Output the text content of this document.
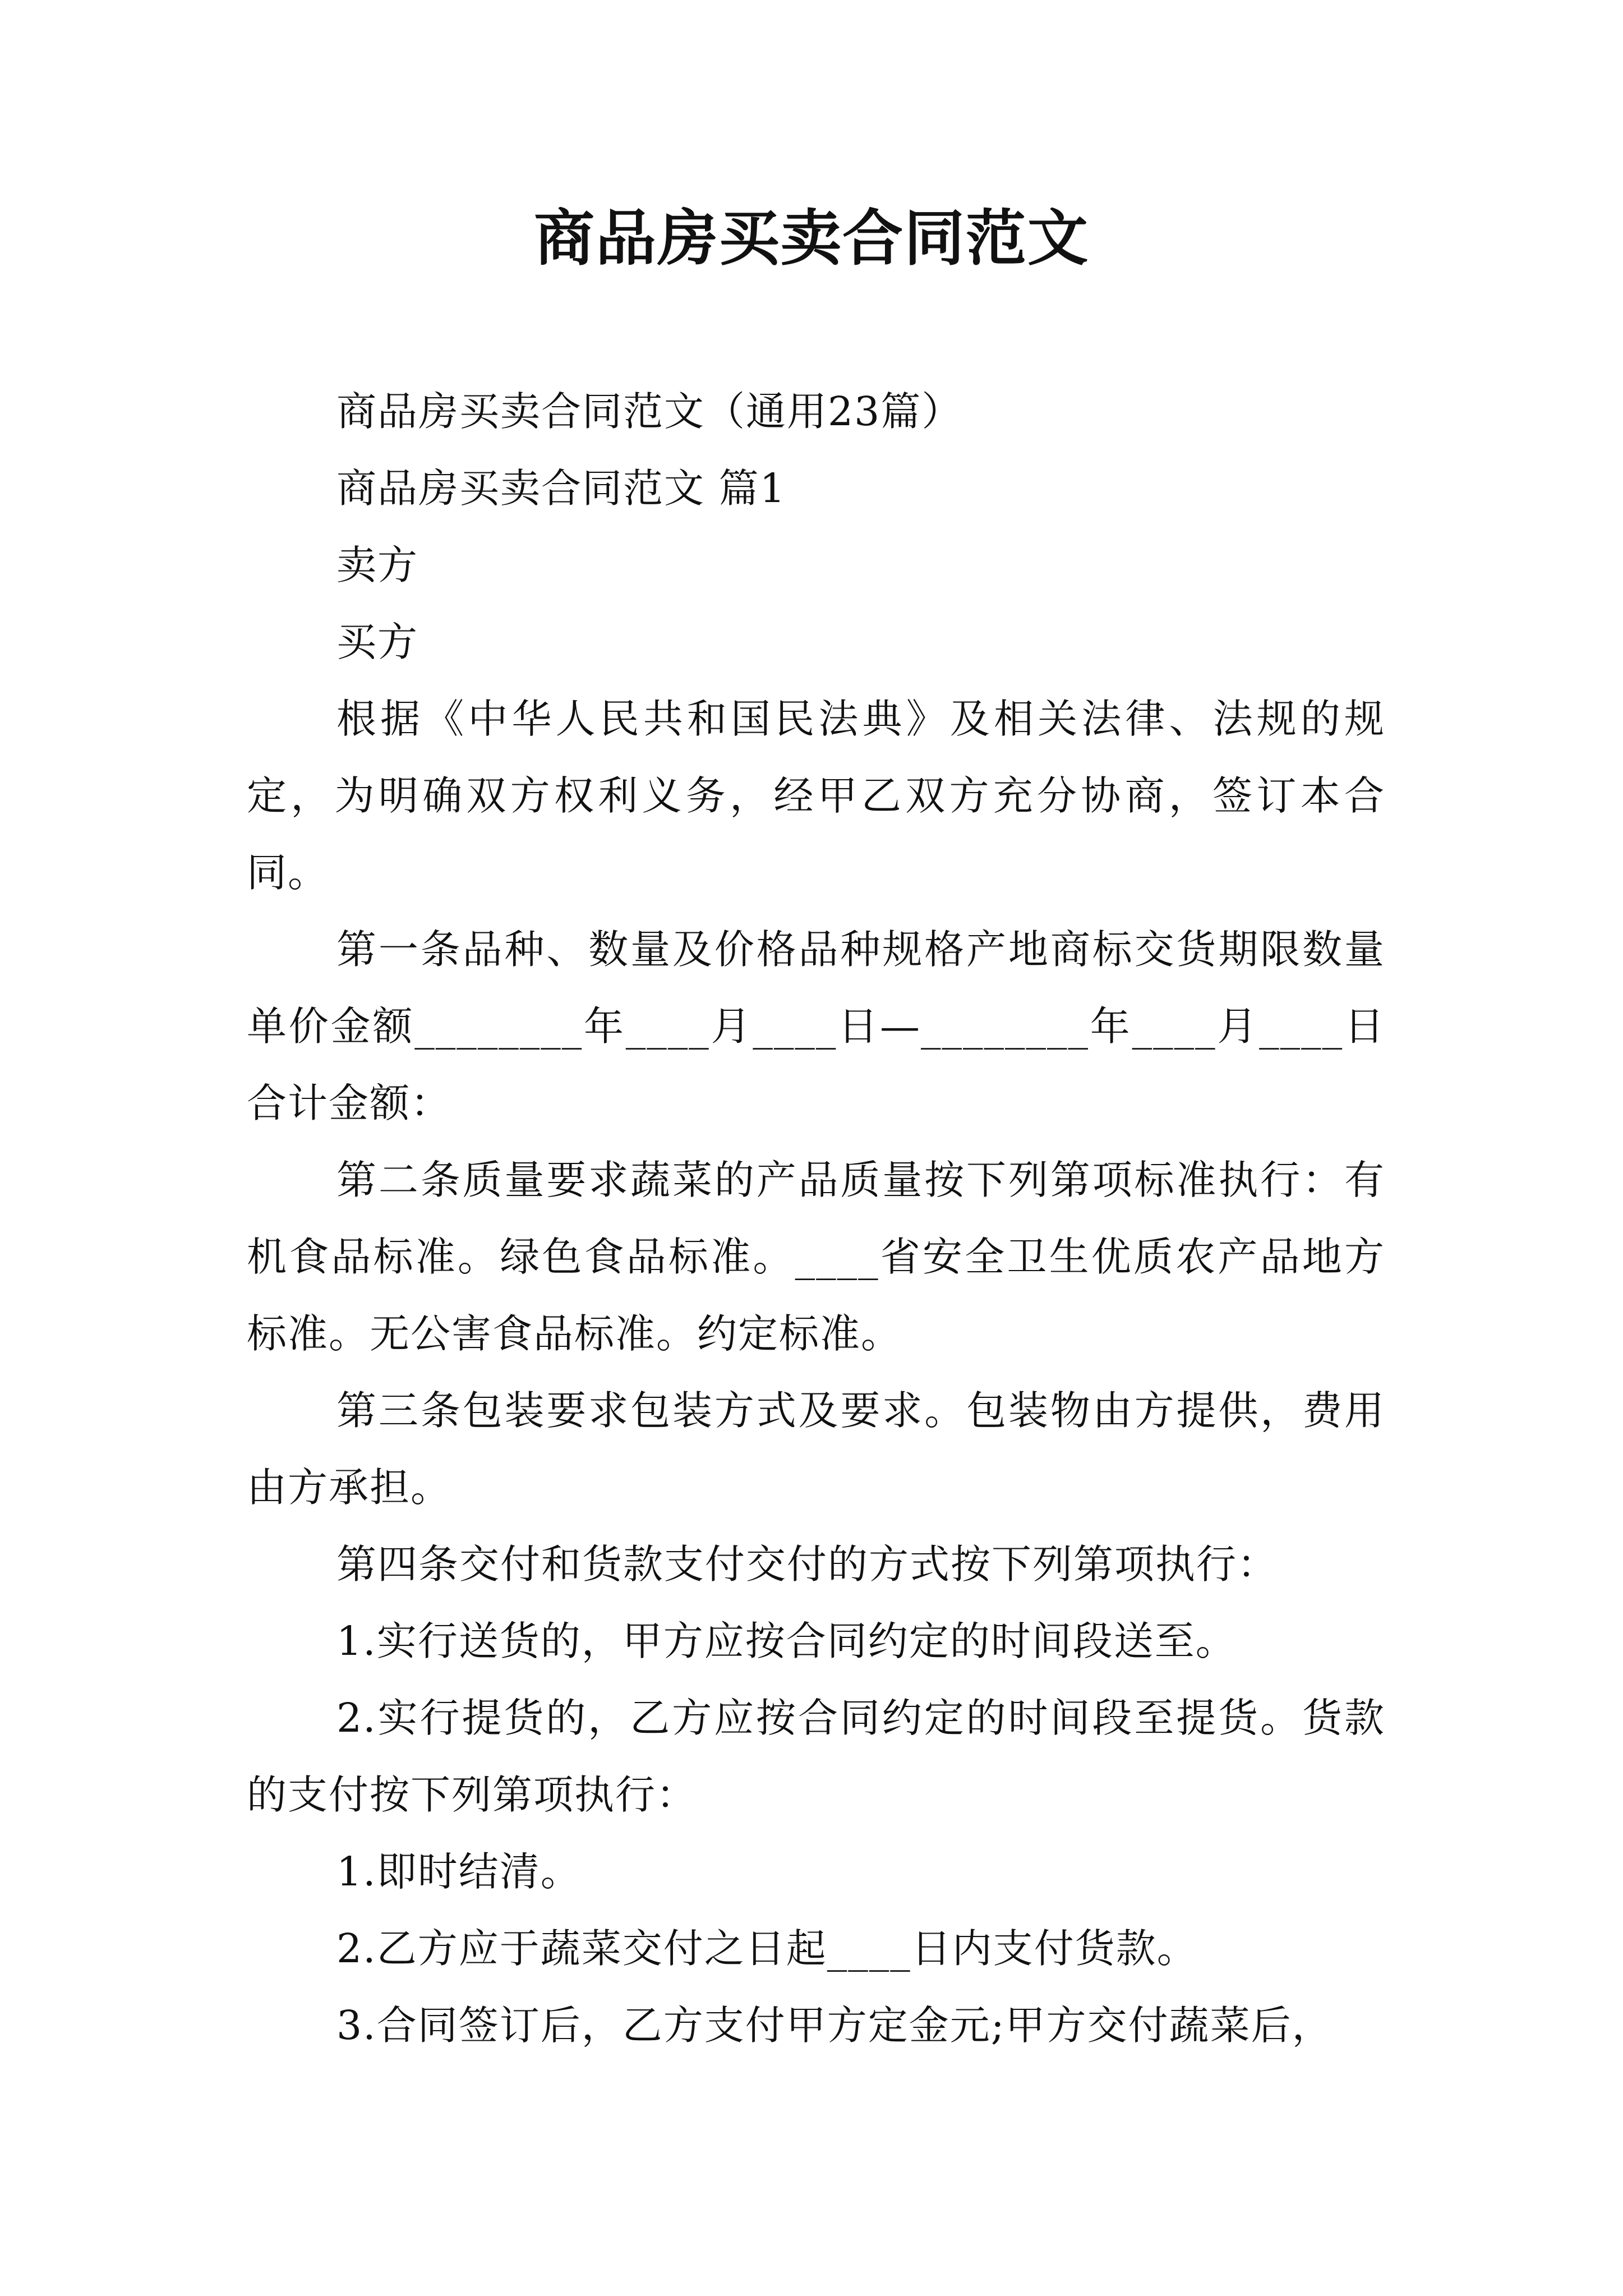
商品房买卖合同范文

商品房买卖合同范文（通用23篇）

商品房买卖合同范文 篇1

卖方

买方

根据《中华人民共和国民法典》及相关法律、法规的规定，为明确双方权利义务，经甲乙双方充分协商，签订本合同。

第一条品种、数量及价格品种规格产地商标交货期限数量单价金额________年____月____日—________年____月____日合计金额：

第二条质量要求蔬菜的产品质量按下列第项标准执行：有机食品标准。绿色食品标准。____省安全卫生优质农产品地方标准。无公害食品标准。约定标准。

第三条包装要求包装方式及要求。包装物由方提供，费用由方承担。

第四条交付和货款支付交付的方式按下列第项执行：

1.实行送货的，甲方应按合同约定的时间段送至。

2.实行提货的，乙方应按合同约定的时间段至提货。货款的支付按下列第项执行：

1.即时结清。

2.乙方应于蔬菜交付之日起____日内支付货款。

3.合同签订后，乙方支付甲方定金元;甲方交付蔬菜后，
